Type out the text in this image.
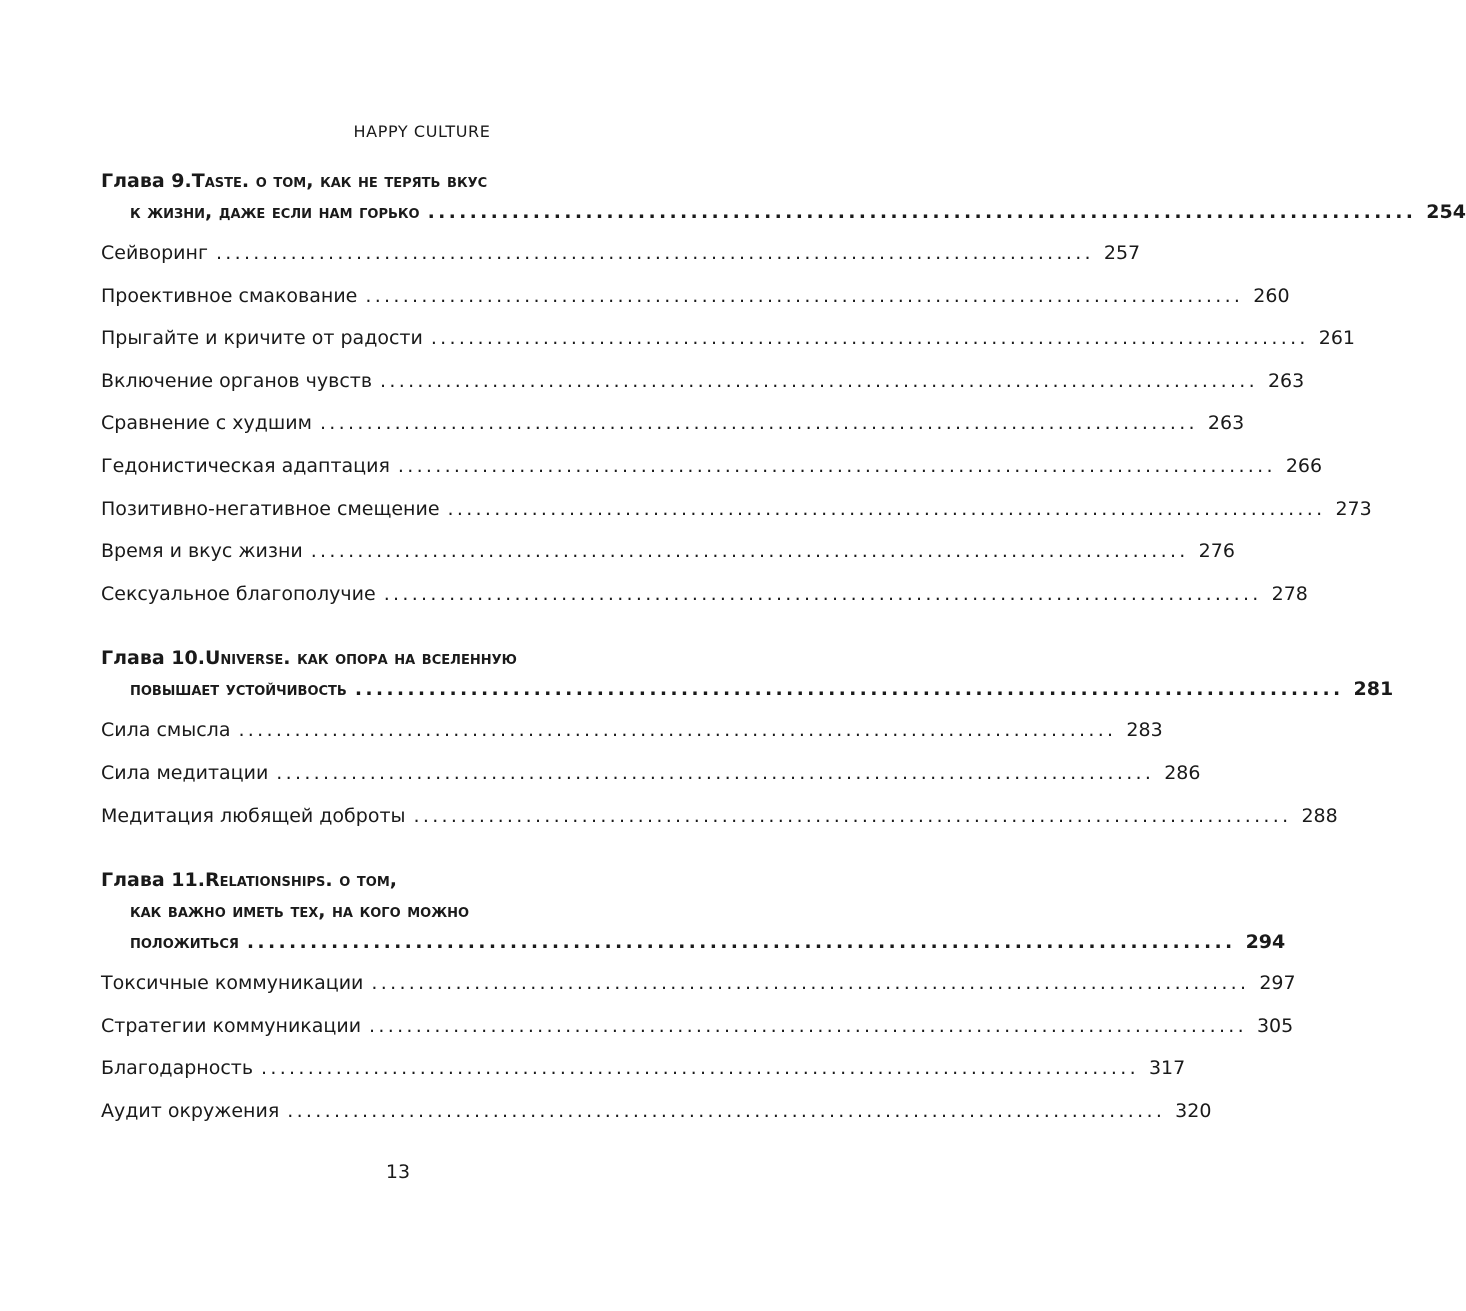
HAPPY CULTURE
Глава 9. Taste. о том, как не терять вкус
к жизни, даже если нам горько .............................................................................................. 254
Сейворинг .............................................................................................. 257
Проективное смакование .............................................................................................. 260
Прыгайте и кричите от радости .............................................................................................. 261
Включение органов чувств .............................................................................................. 263
Сравнение с худшим .............................................................................................. 263
Гедонистическая адаптация .............................................................................................. 266
Позитивно-негативное смещение .............................................................................................. 273
Время и вкус жизни .............................................................................................. 276
Сексуальное благополучие .............................................................................................. 278
Глава 10. Universe. как опора на вселенную
повышает устойчивость .............................................................................................. 281
Сила смысла .............................................................................................. 283
Сила медитации .............................................................................................. 286
Медитация любящей доброты .............................................................................................. 288
Глава 11. Relationships. о том,
как важно иметь тех, на кого можно
положиться .............................................................................................. 294
Токсичные коммуникации .............................................................................................. 297
Стратегии коммуникации .............................................................................................. 305
Благодарность .............................................................................................. 317
Аудит окружения .............................................................................................. 320
13
